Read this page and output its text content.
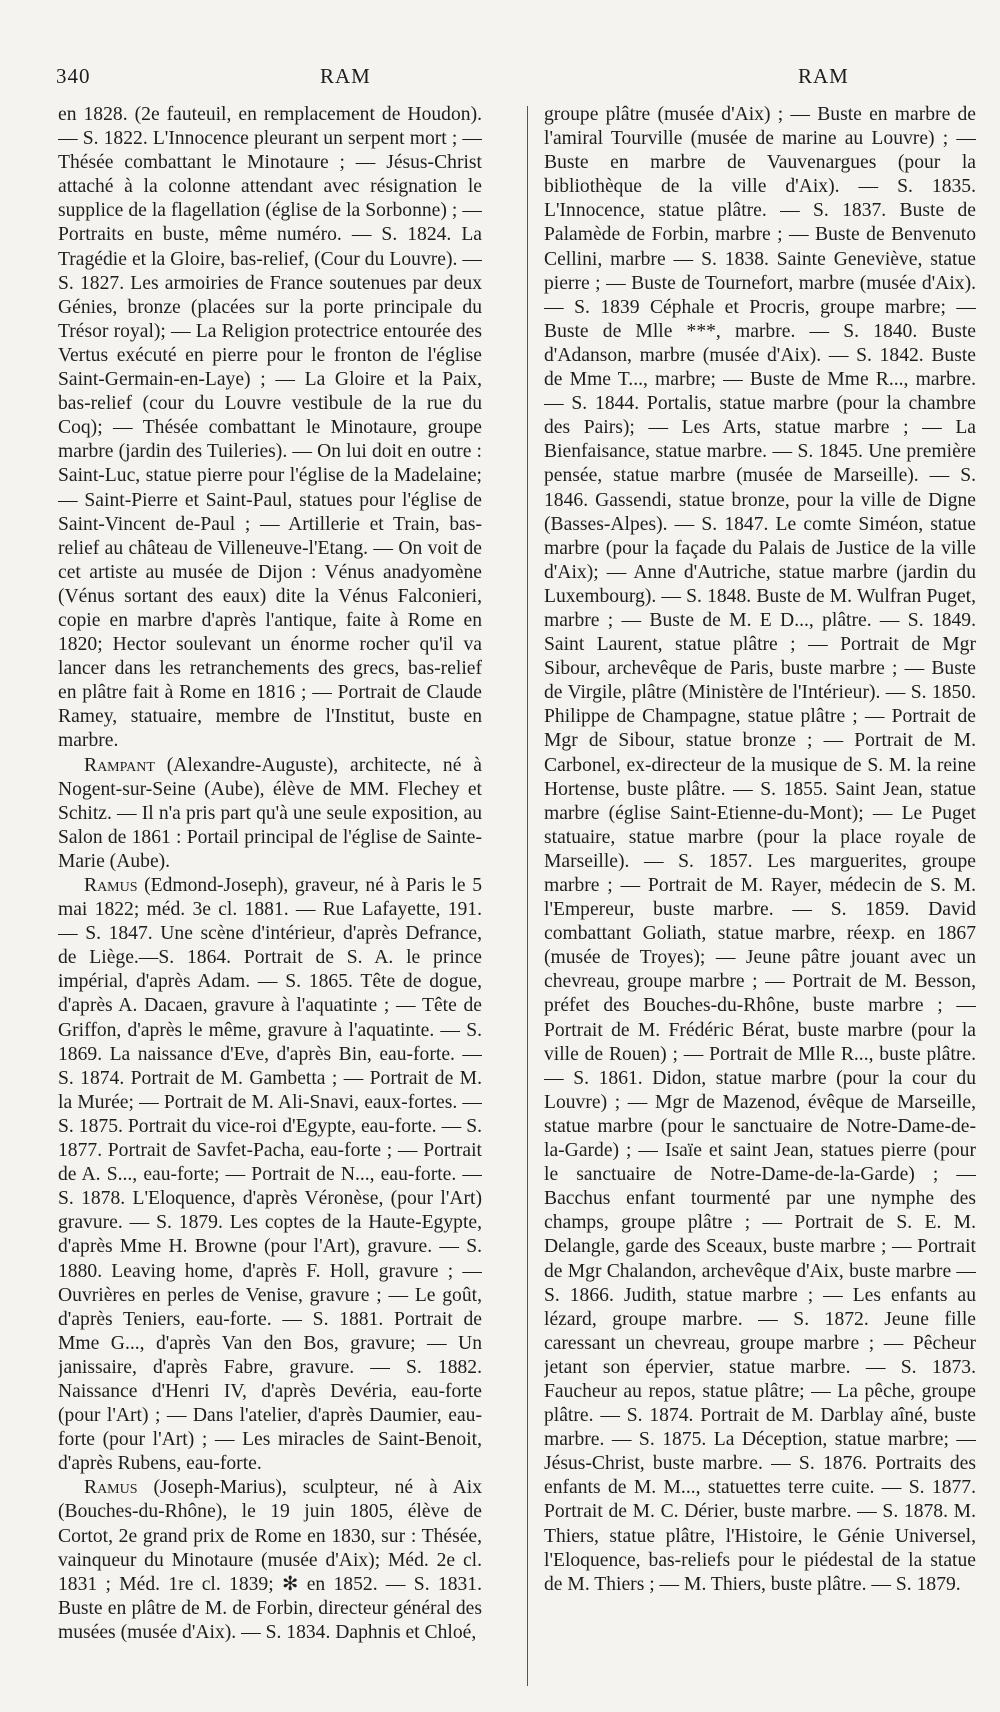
340	RAM	RAM

en 1828. (2e fauteuil, en remplacement de Houdon). — S. 1822. L'Innocence pleurant un serpent mort ; — Thésée combattant le Minotaure ; — Jésus-Christ attaché à la colonne attendant avec résignation le supplice de la flagellation (église de la Sorbonne) ; — Portraits en buste, même numéro. — S. 1824. La Tragédie et la Gloire, bas-relief, (Cour du Louvre). — S. 1827. Les armoiries de France soutenues par deux Génies, bronze (placées sur la porte principale du Trésor royal); — La Religion protectrice entourée des Vertus exécuté en pierre pour le fronton de l'église Saint-Germain-en-Laye) ; — La Gloire et la Paix, bas-relief (cour du Louvre vestibule de la rue du Coq); — Thésée combattant le Minotaure, groupe marbre (jardin des Tuileries). — On lui doit en outre : Saint-Luc, statue pierre pour l'église de la Madelaine; — Saint-Pierre et Saint-Paul, statues pour l'église de Saint-Vincent de-Paul ; — Artillerie et Train, bas-relief au château de Villeneuve-l'Etang. — On voit de cet artiste au musée de Dijon : Vénus anadyomène (Vénus sortant des eaux) dite la Vénus Falconieri, copie en marbre d'après l'antique, faite à Rome en 1820; Hector soulevant un énorme rocher qu'il va lancer dans les retranchements des grecs, bas-relief en plâtre fait à Rome en 1816 ; — Portrait de Claude Ramey, statuaire, membre de l'Institut, buste en marbre.

Rampant (Alexandre-Auguste), architecte, né à Nogent-sur-Seine (Aube), élève de MM. Flechey et Schitz. — Il n'a pris part qu'à une seule exposition, au Salon de 1861 : Portail principal de l'église de Sainte-Marie (Aube).

Ramus (Edmond-Joseph), graveur, né à Paris le 5 mai 1822; méd. 3e cl. 1881. — Rue Lafayette, 191. — S. 1847. Une scène d'intérieur, d'après Defrance, de Liège.—S. 1864. Portrait de S. A. le prince impérial, d'après Adam. — S. 1865. Tête de dogue, d'après A. Dacaen, gravure à l'aquatinte ; — Tête de Griffon, d'après le même, gravure à l'aquatinte. — S. 1869. La naissance d'Eve, d'après Bin, eau-forte. — S. 1874. Portrait de M. Gambetta ; — Portrait de M. la Murée; — Portrait de M. Ali-Snavi, eaux-fortes. — S. 1875. Portrait du vice-roi d'Egypte, eau-forte. — S. 1877. Portrait de Savfet-Pacha, eau-forte ; — Portrait de A. S..., eau-forte; — Portrait de N..., eau-forte. — S. 1878. L'Eloquence, d'après Véronèse, (pour l'Art) gravure. — S. 1879. Les coptes de la Haute-Egypte, d'après Mme H. Browne (pour l'Art), gravure. — S. 1880. Leaving home, d'après F. Holl, gravure ; — Ouvrières en perles de Venise, gravure ; — Le goût, d'après Teniers, eau-forte. — S. 1881. Portrait de Mme G..., d'après Van den Bos, gravure; — Un janissaire, d'après Fabre, gravure. — S. 1882. Naissance d'Henri IV, d'après Devéria, eau-forte (pour l'Art) ; — Dans l'atelier, d'après Daumier, eau-forte (pour l'Art) ; — Les miracles de Saint-Benoit, d'après Rubens, eau-forte.

Ramus (Joseph-Marius), sculpteur, né à Aix (Bouches-du-Rhône), le 19 juin 1805, élève de Cortot, 2e grand prix de Rome en 1830, sur : Thésée, vainqueur du Minotaure (musée d'Aix); Méd. 2e cl. 1831 ; Méd. 1re cl. 1839; ✻ en 1852. — S. 1831. Buste en plâtre de M. de Forbin, directeur général des musées (musée d'Aix). — S. 1834. Daphnis et Chloé,

groupe plâtre (musée d'Aix) ; — Buste en marbre de l'amiral Tourville (musée de marine au Louvre) ; — Buste en marbre de Vauvenargues (pour la bibliothèque de la ville d'Aix). — S. 1835. L'Innocence, statue plâtre. — S. 1837. Buste de Palamède de Forbin, marbre ; — Buste de Benvenuto Cellini, marbre — S. 1838. Sainte Geneviève, statue pierre ; — Buste de Tournefort, marbre (musée d'Aix). — S. 1839 Céphale et Procris, groupe marbre; — Buste de Mlle ***, marbre. — S. 1840. Buste d'Adanson, marbre (musée d'Aix). — S. 1842. Buste de Mme T..., marbre; — Buste de Mme R..., marbre. — S. 1844. Portalis, statue marbre (pour la chambre des Pairs); — Les Arts, statue marbre ; — La Bienfaisance, statue marbre. — S. 1845. Une première pensée, statue marbre (musée de Marseille). — S. 1846. Gassendi, statue bronze, pour la ville de Digne (Basses-Alpes). — S. 1847. Le comte Siméon, statue marbre (pour la façade du Palais de Justice de la ville d'Aix); — Anne d'Autriche, statue marbre (jardin du Luxembourg). — S. 1848. Buste de M. Wulfran Puget, marbre ; — Buste de M. E D..., plâtre. — S. 1849. Saint Laurent, statue plâtre ; — Portrait de Mgr Sibour, archevêque de Paris, buste marbre ; — Buste de Virgile, plâtre (Ministère de l'Intérieur). — S. 1850. Philippe de Champagne, statue plâtre ; — Portrait de Mgr de Sibour, statue bronze ; — Portrait de M. Carbonel, ex-directeur de la musique de S. M. la reine Hortense, buste plâtre. — S. 1855. Saint Jean, statue marbre (église Saint-Etienne-du-Mont); — Le Puget statuaire, statue marbre (pour la place royale de Marseille). — S. 1857. Les marguerites, groupe marbre ; — Portrait de M. Rayer, médecin de S. M. l'Empereur, buste marbre. — S. 1859. David combattant Goliath, statue marbre, réexp. en 1867 (musée de Troyes); — Jeune pâtre jouant avec un chevreau, groupe marbre ; — Portrait de M. Besson, préfet des Bouches-du-Rhône, buste marbre ; — Portrait de M. Frédéric Bérat, buste marbre (pour la ville de Rouen) ; — Portrait de Mlle R..., buste plâtre. — S. 1861. Didon, statue marbre (pour la cour du Louvre) ; — Mgr de Mazenod, évêque de Marseille, statue marbre (pour le sanctuaire de Notre-Dame-de-la-Garde) ; — Isaïe et saint Jean, statues pierre (pour le sanctuaire de Notre-Dame-de-la-Garde) ; — Bacchus enfant tourmenté par une nymphe des champs, groupe plâtre ; — Portrait de S. E. M. Delangle, garde des Sceaux, buste marbre ; — Portrait de Mgr Chalandon, archevêque d'Aix, buste marbre — S. 1866. Judith, statue marbre ; — Les enfants au lézard, groupe marbre. — S. 1872. Jeune fille caressant un chevreau, groupe marbre ; — Pêcheur jetant son épervier, statue marbre. — S. 1873. Faucheur au repos, statue plâtre; — La pêche, groupe plâtre. — S. 1874. Portrait de M. Darblay aîné, buste marbre. — S. 1875. La Déception, statue marbre; — Jésus-Christ, buste marbre. — S. 1876. Portraits des enfants de M. M..., statuettes terre cuite. — S. 1877. Portrait de M. C. Dérier, buste marbre. — S. 1878. M. Thiers, statue plâtre, l'Histoire, le Génie Universel, l'Eloquence, bas-reliefs pour le piédestal de la statue de M. Thiers ; — M. Thiers, buste plâtre. — S. 1879.
